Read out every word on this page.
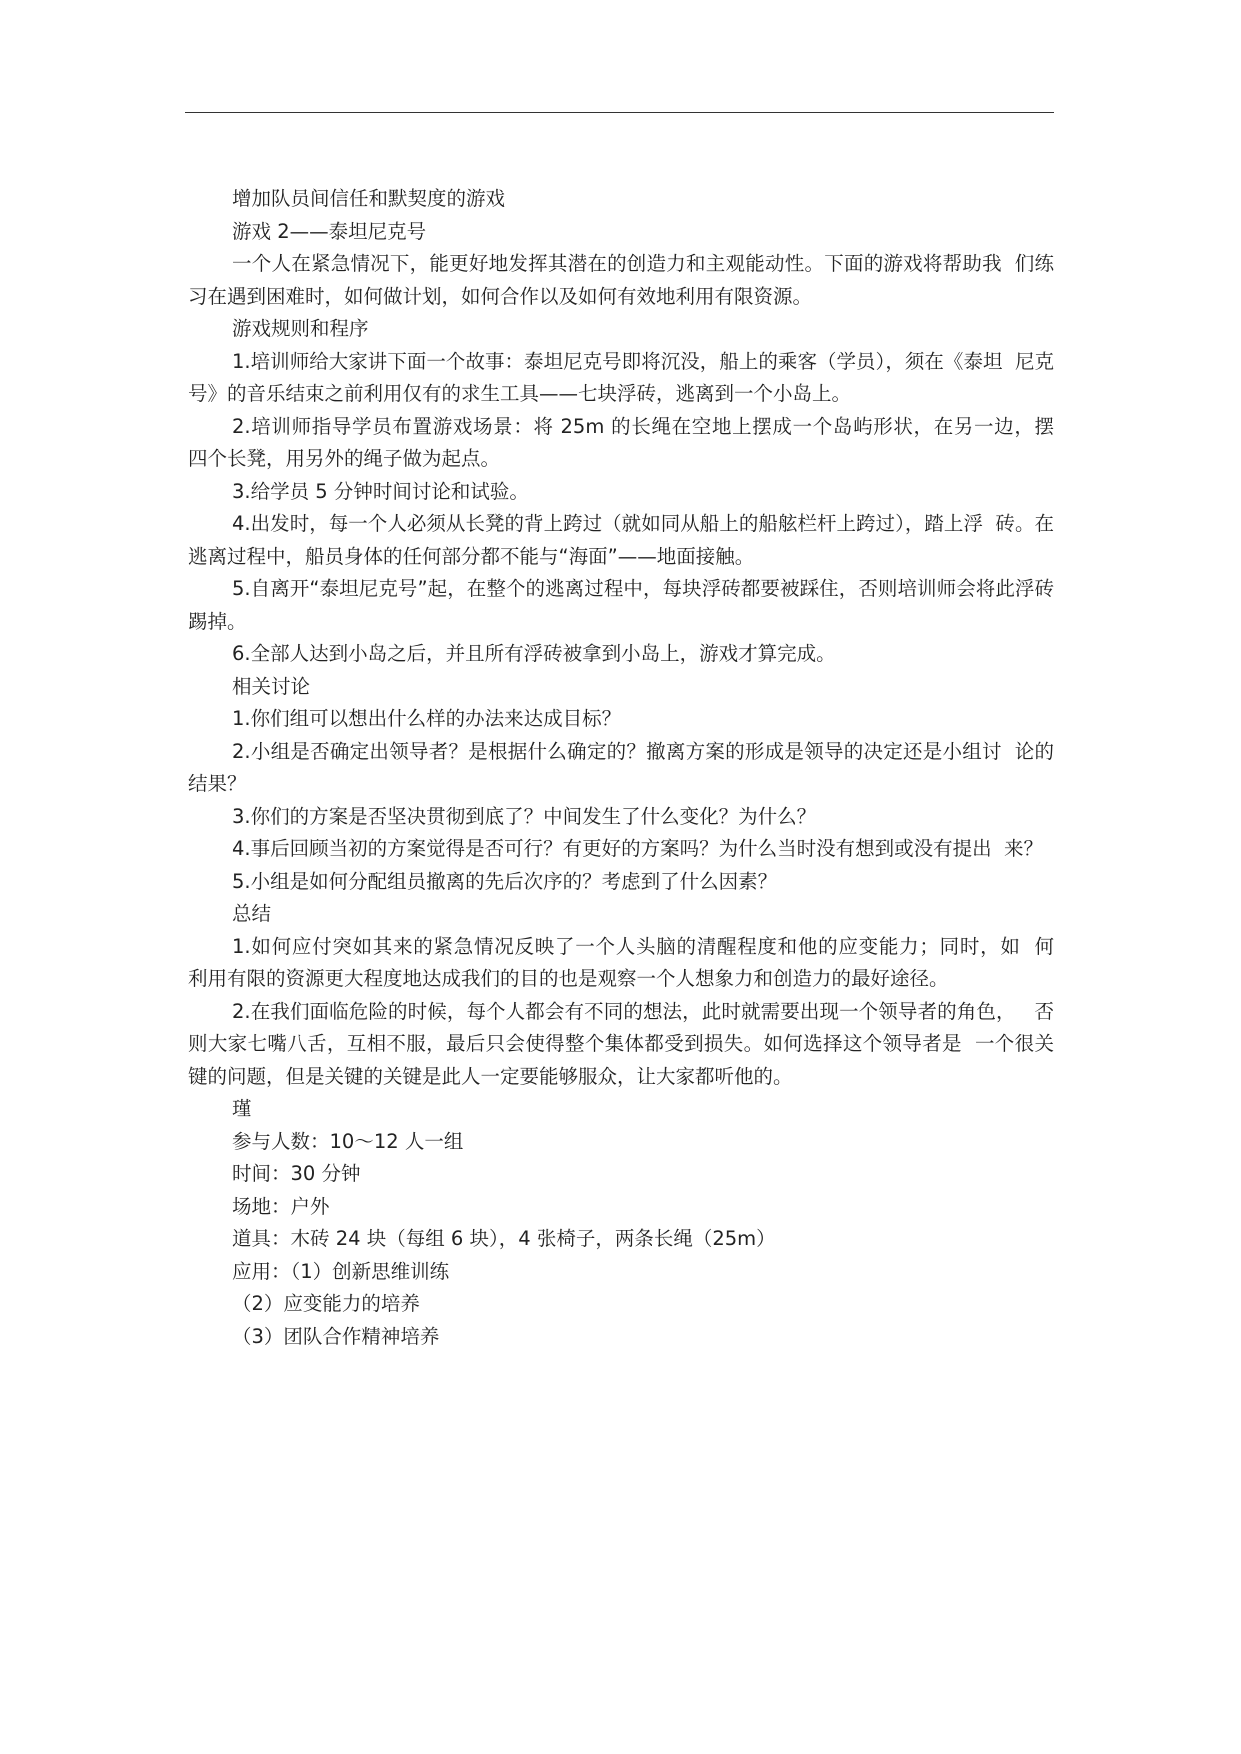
增加队员间信任和默契度的游戏

游戏 2——泰坦尼克号

一个人在紧急情况下，能更好地发挥其潜在的创造力和主观能动性。下面的游戏将帮助我  们练习在遇到困难时，如何做计划，如何合作以及如何有效地利用有限资源。

游戏规则和程序

1.培训师给大家讲下面一个故事：泰坦尼克号即将沉没，船上的乘客（学员），须在《泰坦  尼克号》的音乐结束之前利用仅有的求生工具——七块浮砖，逃离到一个小岛上。

2.培训师指导学员布置游戏场景：将 25m 的长绳在空地上摆成一个岛屿形状，在另一边，摆  四个长凳，用另外的绳子做为起点。

3.给学员 5 分钟时间讨论和试验。

4.出发时，每一个人必须从长凳的背上跨过（就如同从船上的船舷栏杆上跨过），踏上浮  砖。在逃离过程中，船员身体的任何部分都不能与“海面”——地面接触。

5.自离开“泰坦尼克号”起，在整个的逃离过程中，每块浮砖都要被踩住，否则培训师会将此浮砖踢掉。

6.全部人达到小岛之后，并且所有浮砖被拿到小岛上，游戏才算完成。

相关讨论

1.你们组可以想出什么样的办法来达成目标？

2.小组是否确定出领导者？是根据什么确定的？撤离方案的形成是领导的决定还是小组讨  论的结果？

3.你们的方案是否坚决贯彻到底了？中间发生了什么变化？为什么？

4.事后回顾当初的方案觉得是否可行？有更好的方案吗？为什么当时没有想到或没有提出  来？

5.小组是如何分配组员撤离的先后次序的？考虑到了什么因素？

总结

1.如何应付突如其来的紧急情况反映了一个人头脑的清醒程度和他的应变能力；同时，如  何  利用有限的资源更大程度地达成我们的目的也是观察一个人想象力和创造力的最好途径。

2.在我们面临危险的时候，每个人都会有不同的想法，此时就需要出现一个领导者的角色，   否则大家七嘴八舌，互相不服，最后只会使得整个集体都受到损失。如何选择这个领导者是  一个很关键的问题，但是关键的关键是此人一定要能够服众，让大家都听他的。

瑾

参与人数：10～12 人一组

时间：30 分钟

场地：户外

道具：木砖 24 块（每组 6 块），4 张椅子，两条长绳（25m）

应用：（1）创新思维训练

（2）应变能力的培养

（3）团队合作精神培养
